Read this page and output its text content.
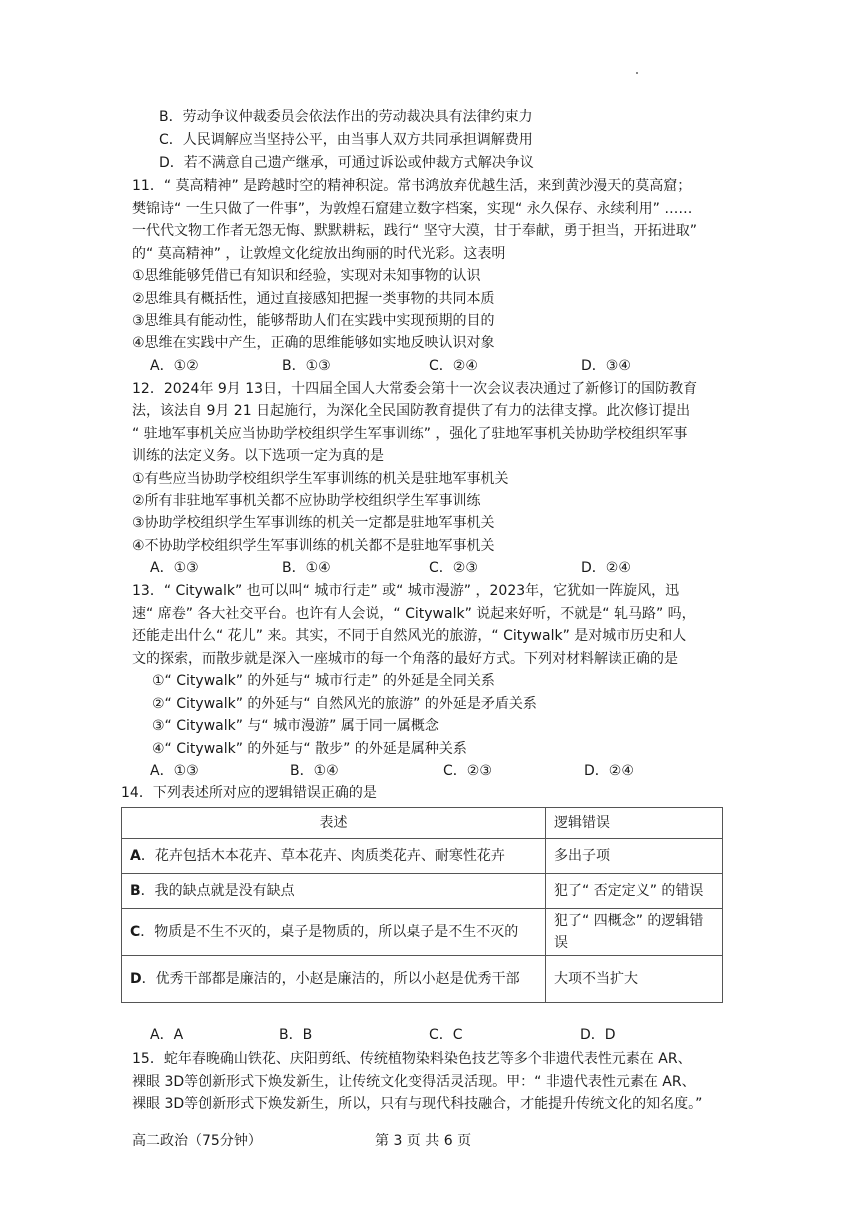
B．劳动争议仲裁委员会依法作出的劳动裁决具有法律约束力
C．人民调解应当坚持公平，由当事人双方共同承担调解费用
D．若不满意自己遗产继承，可通过诉讼或仲裁方式解决争议
11．“ 莫高精神” 是跨越时空的精神积淀。常书鸿放弃优越生活，来到黄沙漫天的莫高窟；
樊锦诗“ 一生只做了一件事”，为敦煌石窟建立数字档案，实现“ 永久保存、永续利用” ……
一代代文物工作者无怨无悔、默默耕耘，践行“ 坚守大漠，甘于奉献，勇于担当，开拓进取”
的“ 莫高精神” ，让敦煌文化绽放出绚丽的时代光彩。这表明
①思维能够凭借已有知识和经验，实现对未知事物的认识
②思维具有概括性，通过直接感知把握一类事物的共同本质
③思维具有能动性，能够帮助人们在实践中实现预期的目的
④思维在实践中产生，正确的思维能够如实地反映认识对象
A．①②	B．①③	C．②④	D．③④
12．2024年 9月 13日，十四届全国人大常委会第十一次会议表决通过了新修订的国防教育
法，该法自 9月 21 日起施行，为深化全民国防教育提供了有力的法律支撑。此次修订提出
“ 驻地军事机关应当协助学校组织学生军事训练” ，强化了驻地军事机关协助学校组织军事
训练的法定义务。以下选项一定为真的是
①有些应当协助学校组织学生军事训练的机关是驻地军事机关
②所有非驻地军事机关都不应协助学校组织学生军事训练
③协助学校组织学生军事训练的机关一定都是驻地军事机关
④不协助学校组织学生军事训练的机关都不是驻地军事机关
A．①③	B．①④	C．②③	D．②④
13．“ Citywalk” 也可以叫“ 城市行走” 或“ 城市漫游” ，2023年，它犹如一阵旋风，迅
速“ 席卷” 各大社交平台。也许有人会说，“ Citywalk” 说起来好听，不就是“ 轧马路” 吗，
还能走出什么“ 花儿” 来。其实，不同于自然风光的旅游，“ Citywalk” 是对城市历史和人
文的探索，而散步就是深入一座城市的每一个角落的最好方式。下列对材料解读正确的是
①“ Citywalk” 的外延与“ 城市行走” 的外延是全同关系
②“ Citywalk” 的外延与“ 自然风光的旅游” 的外延是矛盾关系
③“ Citywalk” 与“ 城市漫游” 属于同一属概念
④“ Citywalk” 的外延与“ 散步” 的外延是属种关系
A．①③	B．①④	C．②③	D．②④
14．下列表述所对应的逻辑错误正确的是
表述	逻辑错误
A．花卉包括木本花卉、草本花卉、肉质类花卉、耐寒性花卉	多出子项
B．我的缺点就是没有缺点	犯了“ 否定定义” 的错误
C．物质是不生不灭的，桌子是物质的，所以桌子是不生不灭的	犯了“ 四概念” 的逻辑错误
D．优秀干部都是廉洁的，小赵是廉洁的，所以小赵是优秀干部	大项不当扩大
A．A	B．B	C．C	D．D
15．蛇年春晚确山铁花、庆阳剪纸、传统植物染料染色技艺等多个非遗代表性元素在 AR、
裸眼 3D等创新形式下焕发新生，让传统文化变得活灵活现。甲：“ 非遗代表性元素在 AR、
裸眼 3D等创新形式下焕发新生，所以，只有与现代科技融合，才能提升传统文化的知名度。”
高二政治（75分钟）	第 3 页 共 6 页
